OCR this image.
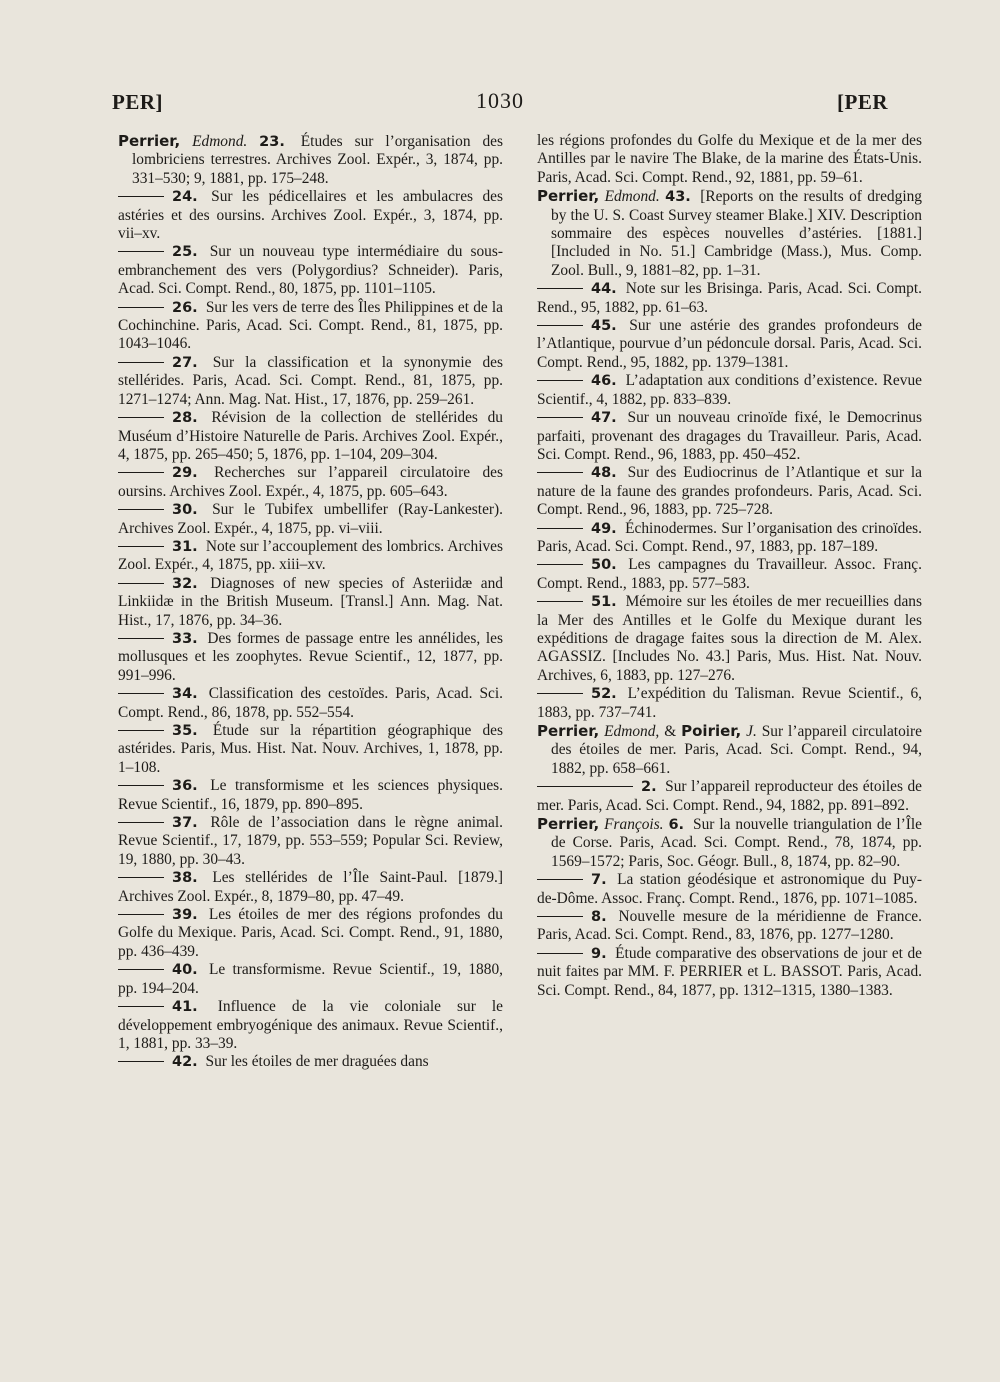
PER]	1030	[PER
Perrier, Edmond. 23. Études sur l’organisation des lombriciens terrestres. Archives Zool. Expér., 3, 1874, pp. 331–530; 9, 1881, pp. 175–248.
24. Sur les pédicellaires et les ambulacres des astéries et des oursins. Archives Zool. Expér., 3, 1874, pp. vii–xv.
25. Sur un nouveau type intermédiaire du sous-embranchement des vers (Polygordius? Schneider). Paris, Acad. Sci. Compt. Rend., 80, 1875, pp. 1101–1105.
26. Sur les vers de terre des Îles Philippines et de la Cochinchine. Paris, Acad. Sci. Compt. Rend., 81, 1875, pp. 1043–1046.
27. Sur la classification et la synonymie des stellérides. Paris, Acad. Sci. Compt. Rend., 81, 1875, pp. 1271–1274; Ann. Mag. Nat. Hist., 17, 1876, pp. 259–261.
28. Révision de la collection de stellérides du Muséum d’Histoire Naturelle de Paris. Archives Zool. Expér., 4, 1875, pp. 265–450; 5, 1876, pp. 1–104, 209–304.
29. Recherches sur l’appareil circulatoire des oursins. Archives Zool. Expér., 4, 1875, pp. 605–643.
30. Sur le Tubifex umbellifer (Ray-Lankester). Archives Zool. Expér., 4, 1875, pp. vi–viii.
31. Note sur l’accouplement des lombrics. Archives Zool. Expér., 4, 1875, pp. xiii–xv.
32. Diagnoses of new species of Asteriidæ and Linkiidæ in the British Museum. [Transl.] Ann. Mag. Nat. Hist., 17, 1876, pp. 34–36.
33. Des formes de passage entre les annélides, les mollusques et les zoophytes. Revue Scientif., 12, 1877, pp. 991–996.
34. Classification des cestoïdes. Paris, Acad. Sci. Compt. Rend., 86, 1878, pp. 552–554.
35. Étude sur la répartition géographique des astérides. Paris, Mus. Hist. Nat. Nouv. Archives, 1, 1878, pp. 1–108.
36. Le transformisme et les sciences physiques. Revue Scientif., 16, 1879, pp. 890–895.
37. Rôle de l’association dans le règne animal. Revue Scientif., 17, 1879, pp. 553–559; Popular Sci. Review, 19, 1880, pp. 30–43.
38. Les stellérides de l’Île Saint-Paul. [1879.] Archives Zool. Expér., 8, 1879–80, pp. 47–49.
39. Les étoiles de mer des régions profondes du Golfe du Mexique. Paris, Acad. Sci. Compt. Rend., 91, 1880, pp. 436–439.
40. Le transformisme. Revue Scientif., 19, 1880, pp. 194–204.
41. Influence de la vie coloniale sur le développement embryogénique des animaux. Revue Scientif., 1, 1881, pp. 33–39.
42. Sur les étoiles de mer draguées dans
les régions profondes du Golfe du Mexique et de la mer des Antilles par le navire The Blake, de la marine des États-Unis. Paris, Acad. Sci. Compt. Rend., 92, 1881, pp. 59–61.
Perrier, Edmond. 43. [Reports on the results of dredging by the U. S. Coast Survey steamer Blake.] XIV. Description sommaire des espèces nouvelles d’astéries. [1881.] [Included in No. 51.] Cambridge (Mass.), Mus. Comp. Zool. Bull., 9, 1881–82, pp. 1–31.
44. Note sur les Brisinga. Paris, Acad. Sci. Compt. Rend., 95, 1882, pp. 61–63.
45. Sur une astérie des grandes profondeurs de l’Atlantique, pourvue d’un pédoncule dorsal. Paris, Acad. Sci. Compt. Rend., 95, 1882, pp. 1379–1381.
46. L’adaptation aux conditions d’existence. Revue Scientif., 4, 1882, pp. 833–839.
47. Sur un nouveau crinoïde fixé, le Democrinus parfaiti, provenant des dragages du Travailleur. Paris, Acad. Sci. Compt. Rend., 96, 1883, pp. 450–452.
48. Sur des Eudiocrinus de l’Atlantique et sur la nature de la faune des grandes profondeurs. Paris, Acad. Sci. Compt. Rend., 96, 1883, pp. 725–728.
49. Échinodermes. Sur l’organisation des crinoïdes. Paris, Acad. Sci. Compt. Rend., 97, 1883, pp. 187–189.
50. Les campagnes du Travailleur. Assoc. Franç. Compt. Rend., 1883, pp. 577–583.
51. Mémoire sur les étoiles de mer recueillies dans la Mer des Antilles et le Golfe du Mexique durant les expéditions de dragage faites sous la direction de M. Alex. AGASSIZ. [Includes No. 43.] Paris, Mus. Hist. Nat. Nouv. Archives, 6, 1883, pp. 127–276.
52. L’expédition du Talisman. Revue Scientif., 6, 1883, pp. 737–741.
Perrier, Edmond, & Poirier, J. Sur l’appareil circulatoire des étoiles de mer. Paris, Acad. Sci. Compt. Rend., 94, 1882, pp. 658–661.
2. Sur l’appareil reproducteur des étoiles de mer. Paris, Acad. Sci. Compt. Rend., 94, 1882, pp. 891–892.
Perrier, François. 6. Sur la nouvelle triangulation de l’Île de Corse. Paris, Acad. Sci. Compt. Rend., 78, 1874, pp. 1569–1572; Paris, Soc. Géogr. Bull., 8, 1874, pp. 82–90.
7. La station géodésique et astronomique du Puy-de-Dôme. Assoc. Franç. Compt. Rend., 1876, pp. 1071–1085.
8. Nouvelle mesure de la méridienne de France. Paris, Acad. Sci. Compt. Rend., 83, 1876, pp. 1277–1280.
9. Étude comparative des observations de jour et de nuit faites par MM. F. PERRIER et L. BASSOT. Paris, Acad. Sci. Compt. Rend., 84, 1877, pp. 1312–1315, 1380–1383.
